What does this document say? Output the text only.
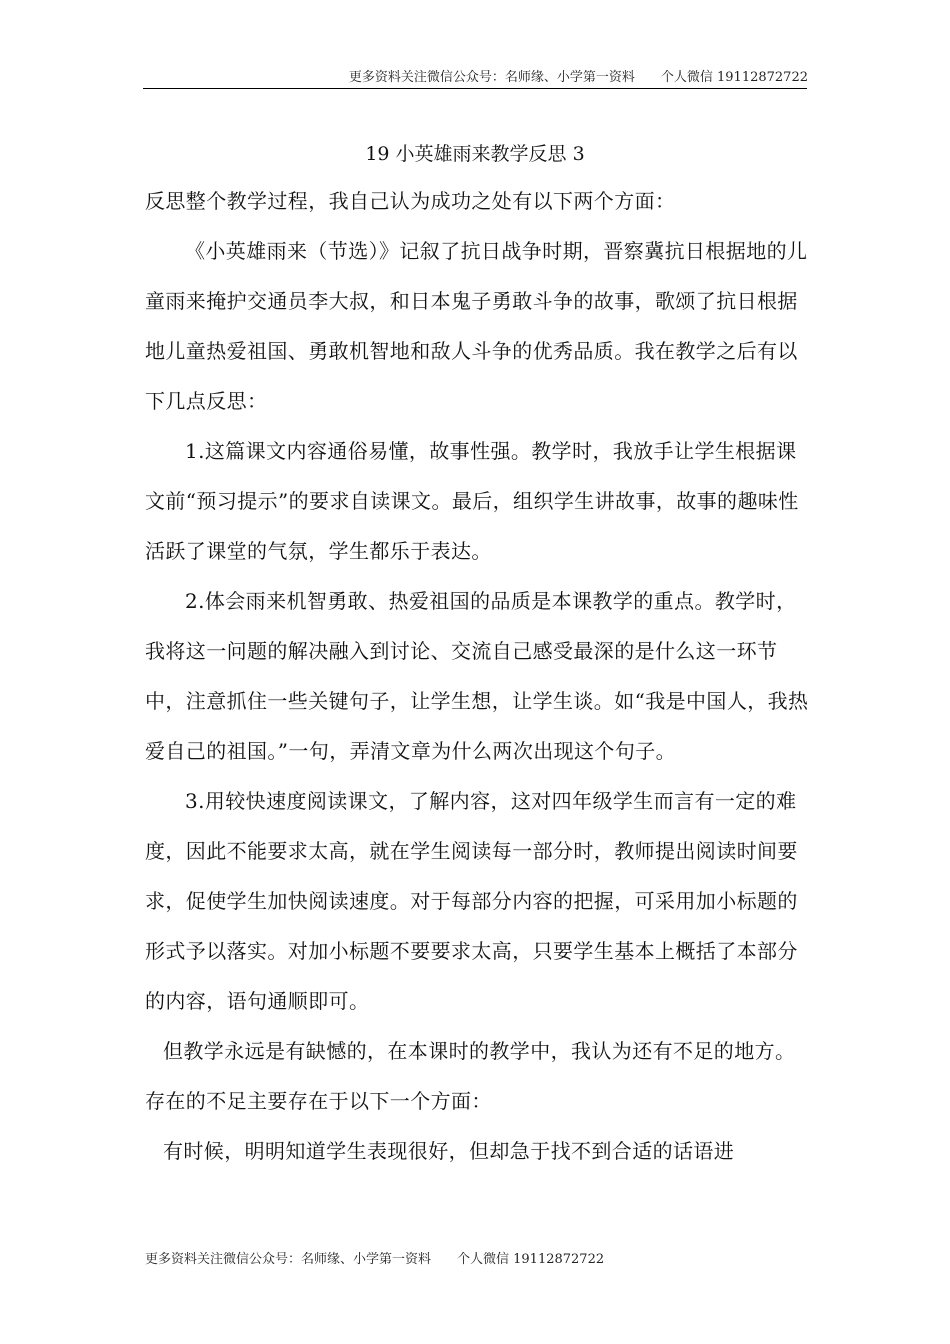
更多资料关注微信公众号：名师缘、小学第一资料　　个人微信 19112872722
19 小英雄雨来教学反思 3

反思整个教学过程，我自己认为成功之处有以下两个方面：

《小英雄雨来（节选）》记叙了抗日战争时期，晋察冀抗日根据地的儿童雨来掩护交通员李大叔，和日本鬼子勇敢斗争的故事，歌颂了抗日根据地儿童热爱祖国、勇敢机智地和敌人斗争的优秀品质。我在教学之后有以下几点反思：

1.这篇课文内容通俗易懂，故事性强。教学时，我放手让学生根据课文前“预习提示”的要求自读课文。最后，组织学生讲故事，故事的趣味性活跃了课堂的气氛，学生都乐于表达。

2.体会雨来机智勇敢、热爱祖国的品质是本课教学的重点。教学时，我将这一问题的解决融入到讨论、交流自己感受最深的是什么这一环节中，注意抓住一些关键句子，让学生想，让学生谈。如“我是中国人，我热爱自己的祖国。”一句，弄清文章为什么两次出现这个句子。

3.用较快速度阅读课文，了解内容，这对四年级学生而言有一定的难度，因此不能要求太高，就在学生阅读每一部分时，教师提出阅读时间要求，促使学生加快阅读速度。对于每部分内容的把握，可采用加小标题的形式予以落实。对加小标题不要要求太高，只要学生基本上概括了本部分的内容，语句通顺即可。

但教学永远是有缺憾的，在本课时的教学中，我认为还有不足的地方。存在的不足主要存在于以下一个方面：

有时候，明明知道学生表现很好，但却急于找不到合适的话语进

更多资料关注微信公众号：名师缘、小学第一资料　　个人微信 19112872722
